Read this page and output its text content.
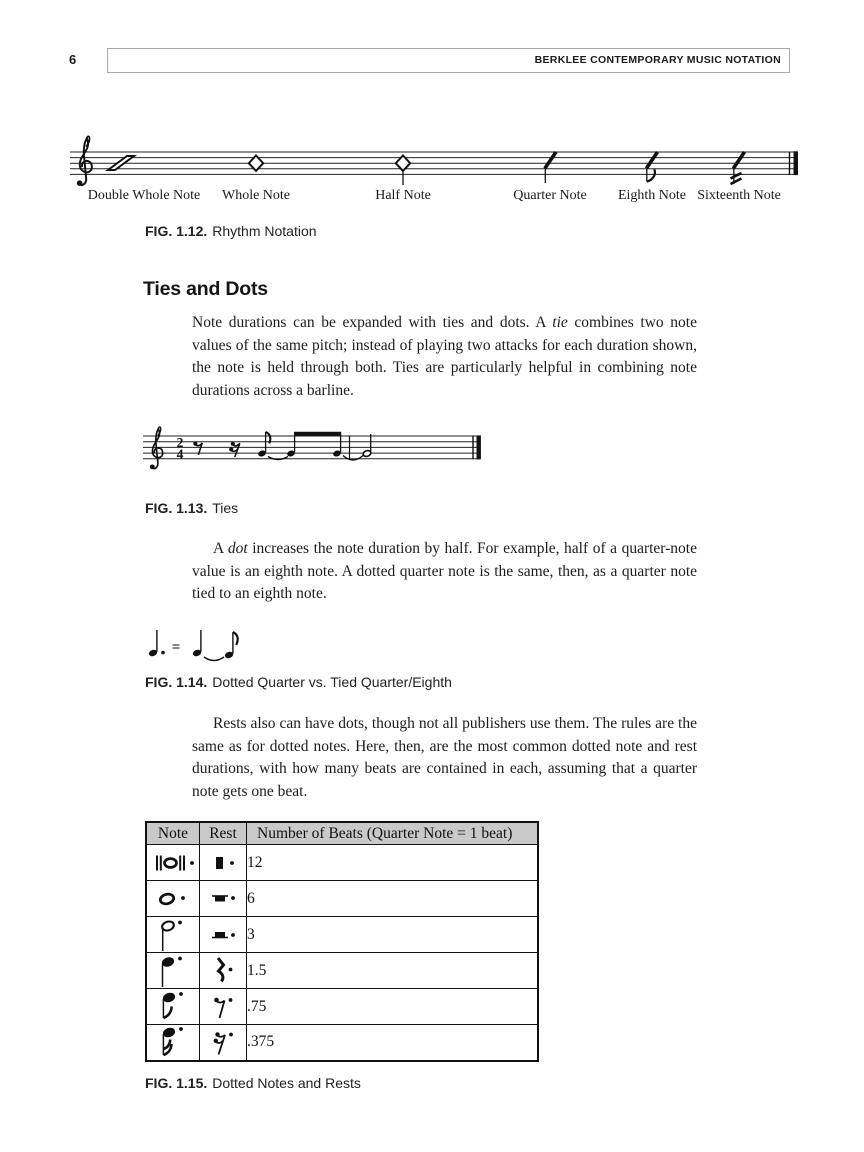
6	BERKLEE CONTEMPORARY MUSIC NOTATION
Double Whole Note Whole Note	Half Note	Quarter Note Eighth Note Sixteenth Note
FIG. 1.12. Rhythm Notation
Ties and Dots
Note durations can be expanded with ties and dots. A tie combines two note values of the same pitch; instead of playing two attacks for each duration shown, the note is held through both. Ties are particularly helpful in combining note durations across a barline.
2
4
FIG. 1.13. Ties
A dot increases the note duration by half. For example, half of a quarter-note value is an eighth note. A dotted quarter note is the same, then, as a quarter note tied to an eighth note.
=
FIG. 1.14. Dotted Quarter vs. Tied Quarter/Eighth
Rests also can have dots, though not all publishers use them. The rules are the same as for dotted notes. Here, then, are the most common dotted note and rest durations, with how many beats are contained in each, assuming that a quarter note gets one beat.
Note	Rest	Number of Beats (Quarter Note = 1 beat)

	12

	6

	3

	1.5

	.75

	.375
FIG. 1.15. Dotted Notes and Rests
